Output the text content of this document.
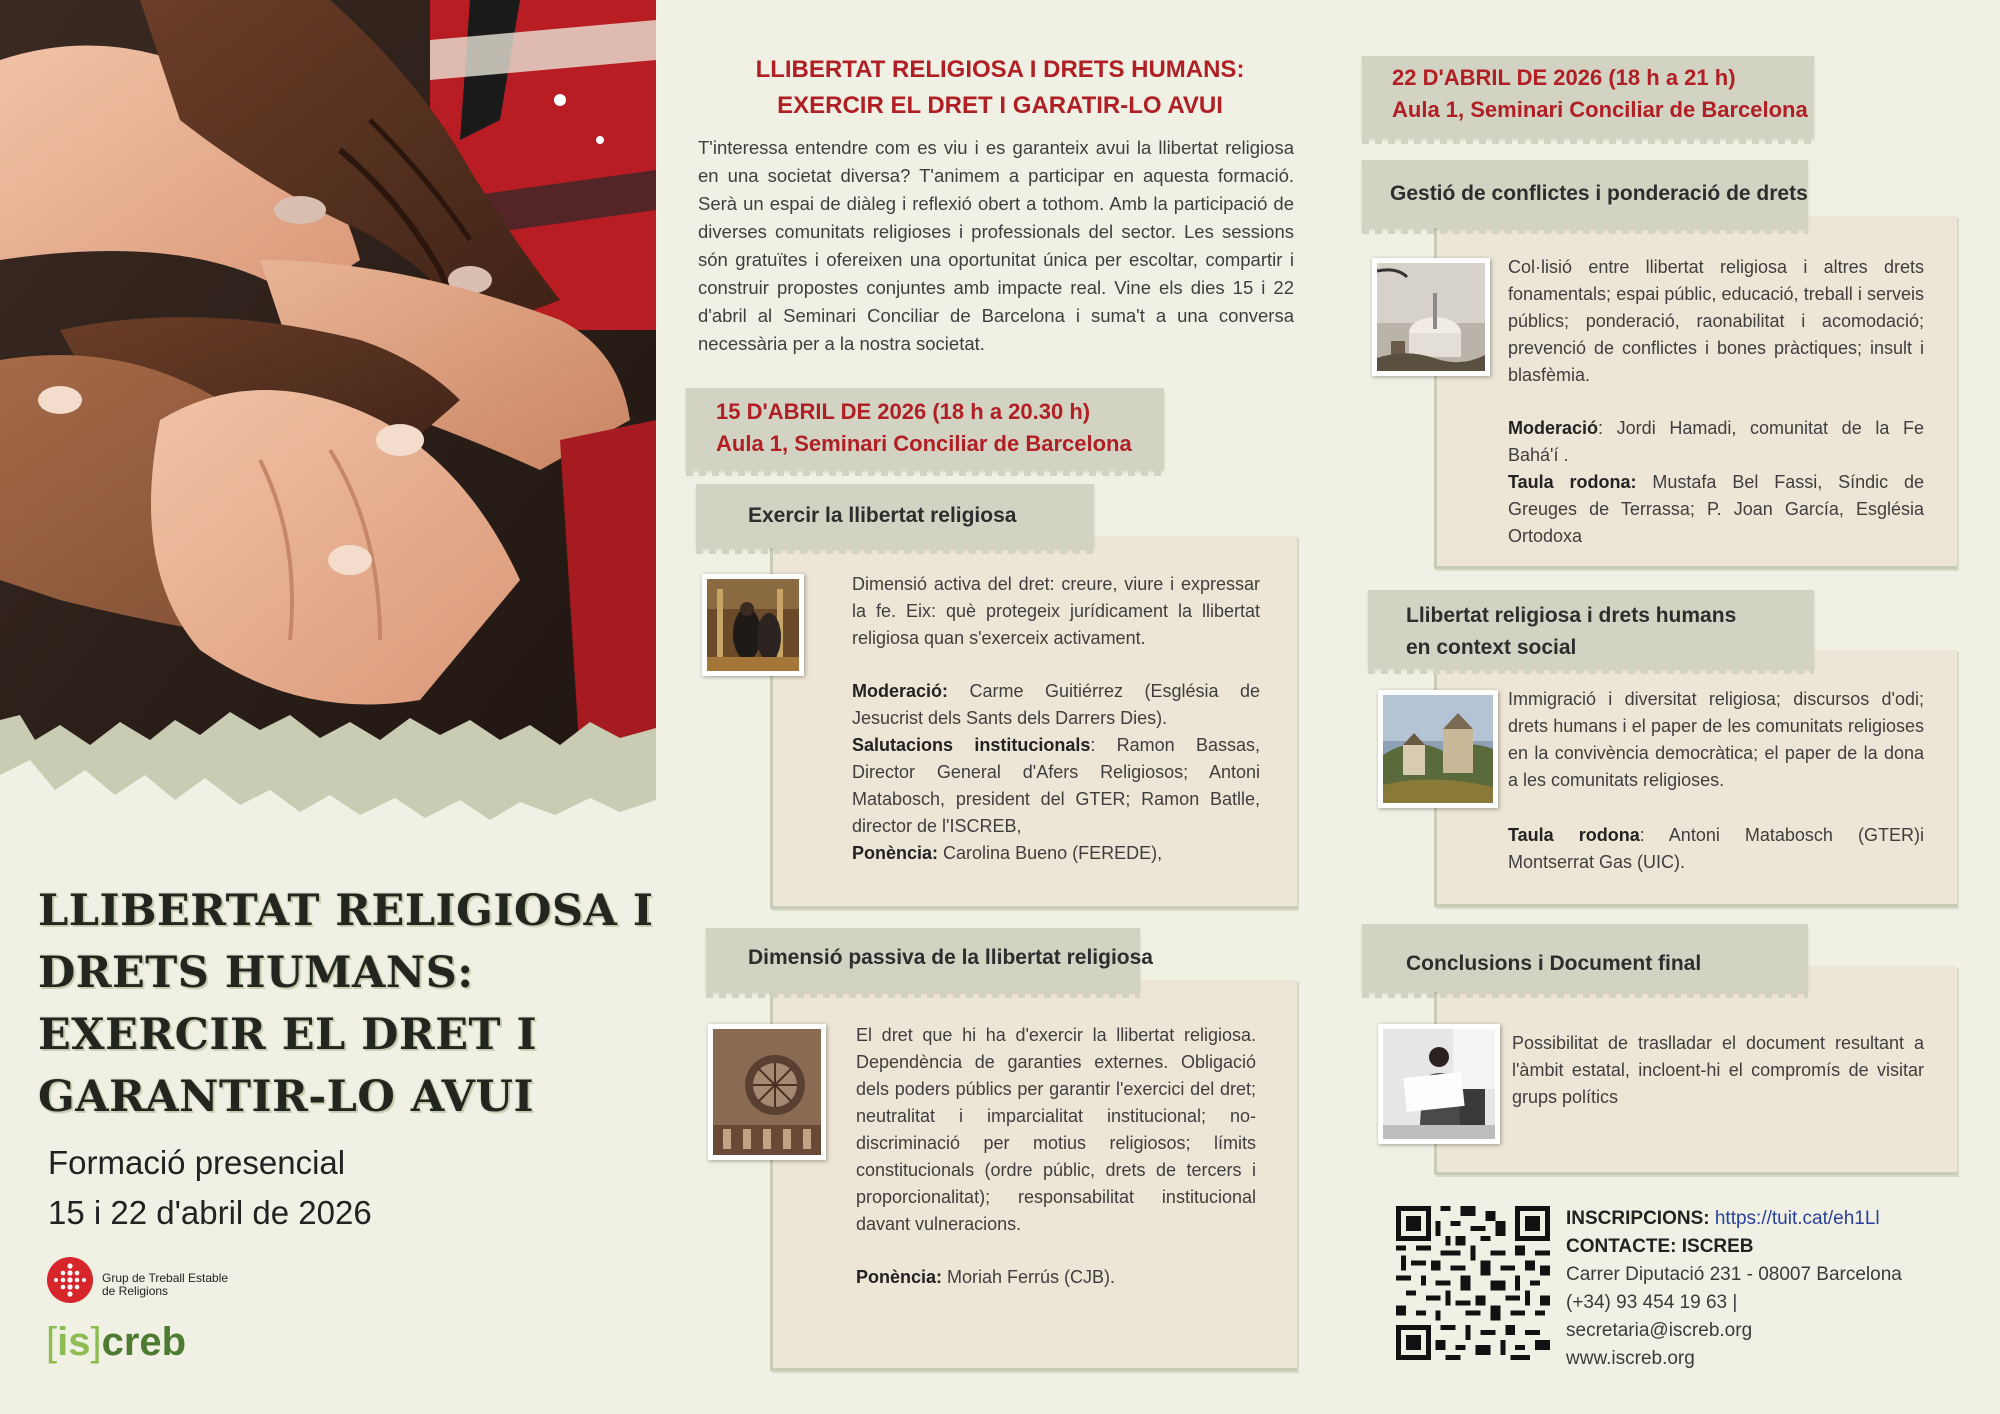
LLIBERTAT RELIGIOSA I
DRETS HUMANS:
EXERCIR EL DRET I
GARANTIR-LO AVUI
Formació presencial
15 i 22 d'abril de 2026
Grup de Treball Estable
de Religions
[is]creb
LLIBERTAT RELIGIOSA I DRETS HUMANS:
EXERCIR EL DRET I GARATIR-LO AVUI
T'interessa entendre com es viu i es garanteix avui la llibertat religiosa en una societat diversa? T'animem a participar en aquesta formació. Serà un espai de diàleg i reflexió obert a tothom. Amb la participació de diverses comunitats religioses i professionals del sector. Les sessions són gratuïtes i ofereixen una oportunitat única per escoltar, compartir i construir propostes conjuntes amb impacte real. Vine els dies 15 i 22 d'abril al Seminari Conciliar de Barcelona i suma't a una conversa necessària per a la nostra societat.
15 D'ABRIL DE 2026 (18 h a 20.30 h)
Aula 1, Seminari Conciliar de Barcelona
Exercir la llibertat religiosa
Dimensió activa del dret: creure, viure i expressar la fe. Eix: què protegeix jurídicament la llibertat religiosa quan s'exerceix activament.
Moderació: Carme Guitiérrez (Església de Jesucrist dels Sants dels Darrers Dies).
Salutacions institucionals: Ramon Bassas, Director General d'Afers Religiosos; Antoni Matabosch, president del GTER; Ramon Batlle, director de l'ISCREB,
Ponència: Carolina Bueno (FEREDE),
Dimensió passiva de la llibertat religiosa
El dret que hi ha d'exercir la llibertat religiosa. Dependència de garanties externes. Obligació dels poders públics per garantir l'exercici del dret; neutralitat i imparcialitat institucional; no-discriminació per motius religiosos; límits constitucionals (ordre públic, drets de tercers i proporcionalitat); responsabilitat institucional davant vulneracions.
Ponència: Moriah Ferrús (CJB).
22 D'ABRIL DE 2026 (18 h a 21 h)
Aula 1, Seminari Conciliar de Barcelona
Gestió de conflictes i ponderació de drets
Col·lisió entre llibertat religiosa i altres drets fonamentals; espai públic, educació, treball i serveis públics; ponderació, raonabilitat i acomodació; prevenció de conflictes i bones pràctiques; insult i blasfèmia.
Moderació: Jordi Hamadi, comunitat de la Fe Bahá'í .
Taula rodona: Mustafa Bel Fassi, Síndic de Greuges de Terrassa; P. Joan García, Església Ortodoxa
Llibertat religiosa i drets humans
en context social
Immigració i diversitat religiosa; discursos d'odi; drets humans i el paper de les comunitats religioses en la convivència democràtica; el paper de la dona a les comunitats religioses.
Taula rodona: Antoni Matabosch (GTER)i Montserrat Gas (UIC).
Conclusions i Document final
Possibilitat de traslladar el document resultant a l'àmbit estatal, incloent-hi el compromís de visitar grups polítics
INSCRIPCIONS: https://tuit.cat/eh1Ll
CONTACTE: ISCREB
Carrer Diputació 231 - 08007 Barcelona
(+34) 93 454 19 63 |
secretaria@iscreb.org
www.iscreb.org
